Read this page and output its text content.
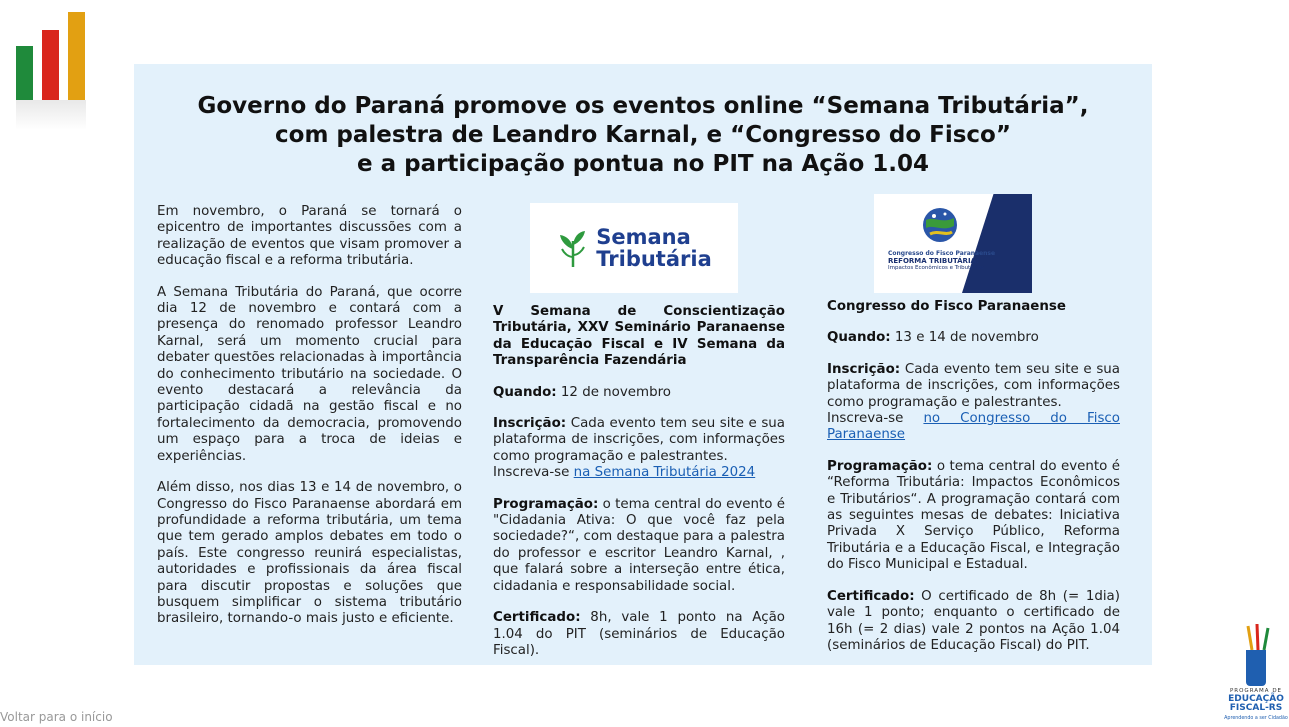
Governo do Paraná promove os eventos online “Semana Tributária”,
com palestra de Leandro Karnal, e “Congresso do Fisco”
e a participação pontua no PIT na Ação 1.04

Em novembro, o Paraná se tornará o epicentro de importantes discussões com a realização de eventos que visam promover a educação fiscal e a reforma tributária.

A Semana Tributária do Paraná, que ocorre dia 12 de novembro e contará com a presença do renomado professor Leandro Karnal, será um momento crucial para debater questões relacionadas à importância do conhecimento tributário na sociedade. O evento destacará a relevância da participação cidadã na gestão fiscal e no fortalecimento da democracia, promovendo um espaço para a troca de ideias e experiências.

Além disso, nos dias 13 e 14 de novembro, o Congresso do Fisco Paranaense abordará em profundidade a reforma tributária, um tema que tem gerado amplos debates em todo o país. Este congresso reunirá especialistas, autoridades e profissionais da área fiscal para discutir propostas e soluções que busquem simplificar o sistema tributário brasileiro, tornando-o mais justo e eficiente.

Semana
Tributária

V Semana de Conscientização Tributária, XXV Seminário Paranaense da Educação Fiscal e IV Semana da Transparência Fazendária

Quando: 12 de novembro

Inscrição: Cada evento tem seu site e sua plataforma de inscrições, com informações como programação e palestrantes.
Inscreva-se na Semana Tributária 2024

Programação: o tema central do evento é "Cidadania Ativa: O que você faz pela sociedade?“, com destaque para a palestra do professor e escritor Leandro Karnal, , que falará sobre a interseção entre ética, cidadania e responsabilidade social.

Certificado: 8h, vale 1 ponto na Ação 1.04 do PIT (seminários de Educação Fiscal).

Congresso do Fisco Paranaense
REFORMA TRIBUTÁRIA:
Impactos Econômicos e Tributários

Congresso do Fisco Paranaense

Quando: 13 e 14 de novembro

Inscrição: Cada evento tem seu site e sua plataforma de inscrições, com informações como programação e palestrantes.
Inscreva-se no Congresso do Fisco Paranaense

Programação: o tema central do evento é “Reforma Tributária: Impactos Econômicos e Tributários“. A programação contará com as seguintes mesas de debates: Iniciativa Privada X Serviço Público, Reforma Tributária e a Educação Fiscal, e Integração do Fisco Municipal e Estadual.

Certificado: O certificado de 8h (= 1dia) vale 1 ponto; enquanto o certificado de 16h (= 2 dias) vale 2 pontos na Ação 1.04 (seminários de Educação Fiscal) do PIT.

Voltar para o início
PROGRAMA DE
EDUCAÇÃO FISCAL-RS
Aprendendo a ser Cidadão
